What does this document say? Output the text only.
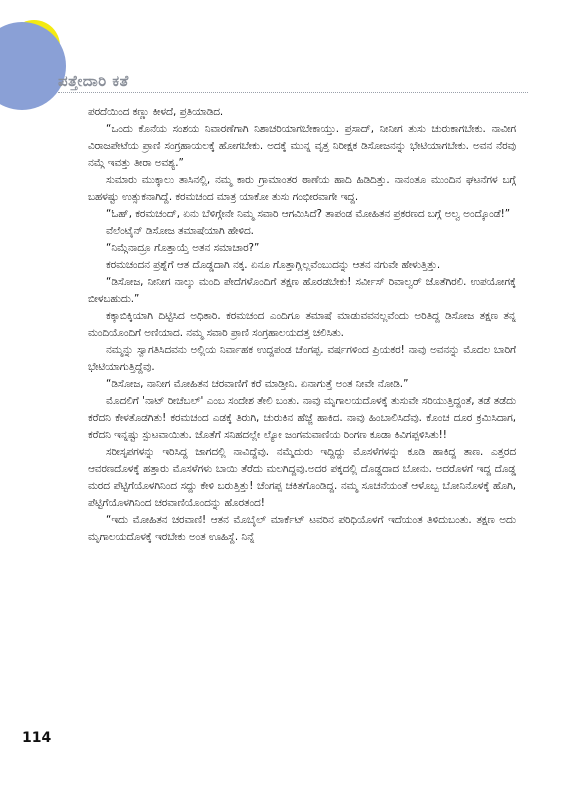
ಪತ್ತೇದಾರಿ ಕತೆ

ಪರದೆಯಿಂದ ಕಣ್ಣು ಕೀಳದೆ, ಪ್ರತಿಯಾಡಿದ.

“ಒಂದು ಕೊನೆಯ ಸಂಶಯ ನಿವಾರಣೆಗಾಗಿ ನಿಶಾಚರಿಯಾಗಬೇಕಾಯ್ತು. ಪ್ರಸಾದ್, ನೀನೀಗ ತುಸು ಚುರುಕಾಗಬೇಕು. ನಾವೀಗ ವಿರಾಜಪೇಟೆಯ ಪ್ರಾಣಿ ಸಂಗ್ರಹಾಯಲಕ್ಕೆ ಹೋಗಬೇಕು. ಅದಕ್ಕೆ ಮುನ್ನ ವೃತ್ತ ನಿರೀಕ್ಷಕ ಡಿಸೋಜನನ್ನು ಭೇಟಿಯಾಗಬೇಕು. ಅವನ ನೆರವು ನಮ್ಗೆ ಇವತ್ತು ತೀರಾ ಅವಶ್ಯ.”

ಸುಮಾರು ಮುಕ್ಕಾಲು ತಾಸಿನಲ್ಲಿ, ನಮ್ಮ ಕಾರು ಗ್ರಾಮಾಂತರ ಠಾಣೆಯ ಹಾದಿ ಹಿಡಿದಿತ್ತು. ನಾನಂತೂ ಮುಂದಿನ ಘಟನೆಗಳ ಬಗ್ಗೆ ಬಹಳಷ್ಟು ಉತ್ಸುಕನಾಗಿದ್ದೆ. ಕರಮಚಂದ ಮಾತ್ರ ಯಾಕೋ ತುಸು ಗಂಭೀರವಾಗೇ ಇದ್ದ.

“ಓಹ್, ಕರಮಚಂದ್, ಏನು ಬೆಳಿಗ್ಗೇನೇ ನಿಮ್ಮ ಸವಾರಿ ಆಗಮಿಸಿದೆ? ತಾಪಂಡ ಮೋಹಿತನ ಪ್ರಕರಣದ ಬಗ್ಗೆ ಅಲ್ವ ಅಂದ್ಕೊಂಡೆ!”

ವೆಲೆಂಟೈನ್ ಡಿಸೋಜ ತಮಾಷೆಯಾಗಿ ಹೇಳಿದ.

“ನಿಮ್ಗೆನಾದ್ರೂ ಗೊತ್ತಾಯ್ತೆ ಅತನ ಸಮಾಚಾರ?”

ಕರಮಚಂದನ ಪ್ರಶ್ನೆಗೆ ಆತ ದೊಡ್ಡದಾಗಿ ನಕ್ಕ. ಏನೂ ಗೊತ್ತಾಗ್ಲಿಲ್ಲವೆಂಬುದನ್ನು ಆತನ ನಗುವೇ ಹೇಳುತ್ತಿತ್ತು.

“ಡಿಸೋಜ, ನೀನೀಗ ನಾಲ್ಕು ಮಂದಿ ಪೇದೆಗಳೊಂದಿಗೆ ತಕ್ಷಣ ಹೊರಡಬೇಕು! ಸರ್ವೀಸ್ ರಿವಾಲ್ವರ್ ಜೊತೆಗಿರಲಿ. ಉಪಯೋಗಕ್ಕೆ ಬೀಳಬಹುದು.”

ಕಕ್ಕಾಬಿಕ್ಕಿಯಾಗಿ ದಿಟ್ಟಿಸಿದ ಅಧಿಕಾರಿ. ಕರಮಚಂದ ಎಂದಿಗೂ ತಮಾಷೆ ಮಾಡುವವನಲ್ಲವೆಂದು ಅರಿತಿದ್ದ ಡಿಸೋಜ ತಕ್ಷಣ ತನ್ನ ಮಂದಿಯೊಂದಿಗೆ ಅಣಿಯಾದ. ನಮ್ಮ ಸವಾರಿ ಪ್ರಾಣಿ ಸಂಗ್ರಹಾಲಯದತ್ತ ಚಲಿಸಿತು.

ನಮ್ಮನ್ನು ಸ್ವಾಗತಿಸಿದವನು ಅಲ್ಲಿಯ ನಿರ್ವಾಹಕ ಉದ್ದಪಂಡ ಚೆಂಗಪ್ಪ. ವರ್ಷಗಳಿಂದ ಪ್ರಿಯಕರ! ನಾವು ಅವನನ್ನು ಮೊದಲ ಬಾರಿಗೆ ಭೇಟಿಯಾಗುತ್ತಿದ್ದೆವು.

“ಡಿಸೋಜ, ನಾನೀಗ ಮೋಹಿತನ ಚರವಾಣಿಗೆ ಕರೆ ಮಾಡ್ತೀನಿ. ಏನಾಗುತ್ತೆ ಅಂತ ನೀವೇ ನೋಡಿ.”

ಮೊದಲಿಗೆ 'ನಾಟ್ ರೀಚೆಬಲ್' ಎಂಬ ಸಂದೇಶ ತೇಲಿ ಬಂತು. ನಾವು ಮೃಗಾಲಯದೊಳಕ್ಕೆ ತುಸುವೇ ಸರಿಯುತ್ತಿದ್ದಂತೆ, ತಡೆ ತಡೆದು ಕರೆದನಿ ಕೇಳತೊಡಗಿತು! ಕರಮಚಂದ ಎಡಕ್ಕೆ ತಿರುಗಿ, ಚುರುಕಿನ ಹೆಜ್ಜೆ ಹಾಕಿದ. ನಾವು ಹಿಂಬಾಲಿಸಿದೆವು. ಕೊಂಚ ದೂರ ಕ್ರಮಿಸಿದಾಗ, ಕರೆದನಿ ಇನ್ನಷ್ಟು ಸ್ಪುಟವಾಯಿತು. ಜೊತೆಗೆ ಸನಿಹದಲ್ಲೇ ಲ್ಯೋ ಜಂಗಮವಾಣಿಯ ರಿಂಗಣ ಕೂಡಾ ಕಿವಿಗಪ್ಪಳಿಸಿತು!!

ಸರೀಸೃಪಗಳನ್ನು ಇರಿಸಿದ್ದ ಜಾಗದಲ್ಲಿ ನಾವಿದ್ದೆವು. ನಮ್ಮೆದುರು ಇದ್ದಿದ್ದು ಮೊಸಳೆಗಳನ್ನು ಕೂಡಿ ಹಾಕಿದ್ದ ತಾಣ. ಎತ್ತರದ ಆವರಣದೊಳಕ್ಕೆ ಹತ್ತಾರು ಮೊಸಳೆಗಳು ಬಾಯಿ ತೆರೆದು ಮಲಗಿದ್ದವು.ಅದರ ಪಕ್ಕದಲ್ಲಿ ದೊಡ್ಡದಾದ ಬೋನು. ಅದರೊಳಗೆ ಇದ್ದ ದೊಡ್ಡ ಮರದ ಪೆಟ್ಟಿಗೆಯೊಳಗಿನಿಂದ ಸದ್ದು ಕೇಳಿ ಬರುತ್ತಿತ್ತು! ಚೆಂಗಪ್ಪ ಚಕಿತಗೊಂಡಿದ್ದ. ನಮ್ಮ ಸೂಚನೆಯಂತೆ ಆಳೊಬ್ಬ ಬೋನಿನೊಳಕ್ಕೆ ಹೊಗಿ, ಪೆಟ್ಟಿಗೆಯೊಳಗಿನಿಂದ ಚರವಾಣಿಯೊಂದನ್ನು ಹೊರತಂದ!

“ಇದು ಮೋಹಿತನ ಚರವಾಣಿ! ಆತನ ಮೊಬೈಲ್ ಮಾರ್ಕೆಟ್ ಟವರಿನ ಪರಿಧಿಯೊಳಗೆ ಇದೆಯಂತ ತಿಳಿದುಬಂತು. ತಕ್ಷಣ ಅದು ಮೃಗಾಲಯದೊಳಕ್ಕೆ ಇರಬೇಕು ಅಂತ ಊಹಿಸ್ದೆ. ನಿನ್ನೆ

114
